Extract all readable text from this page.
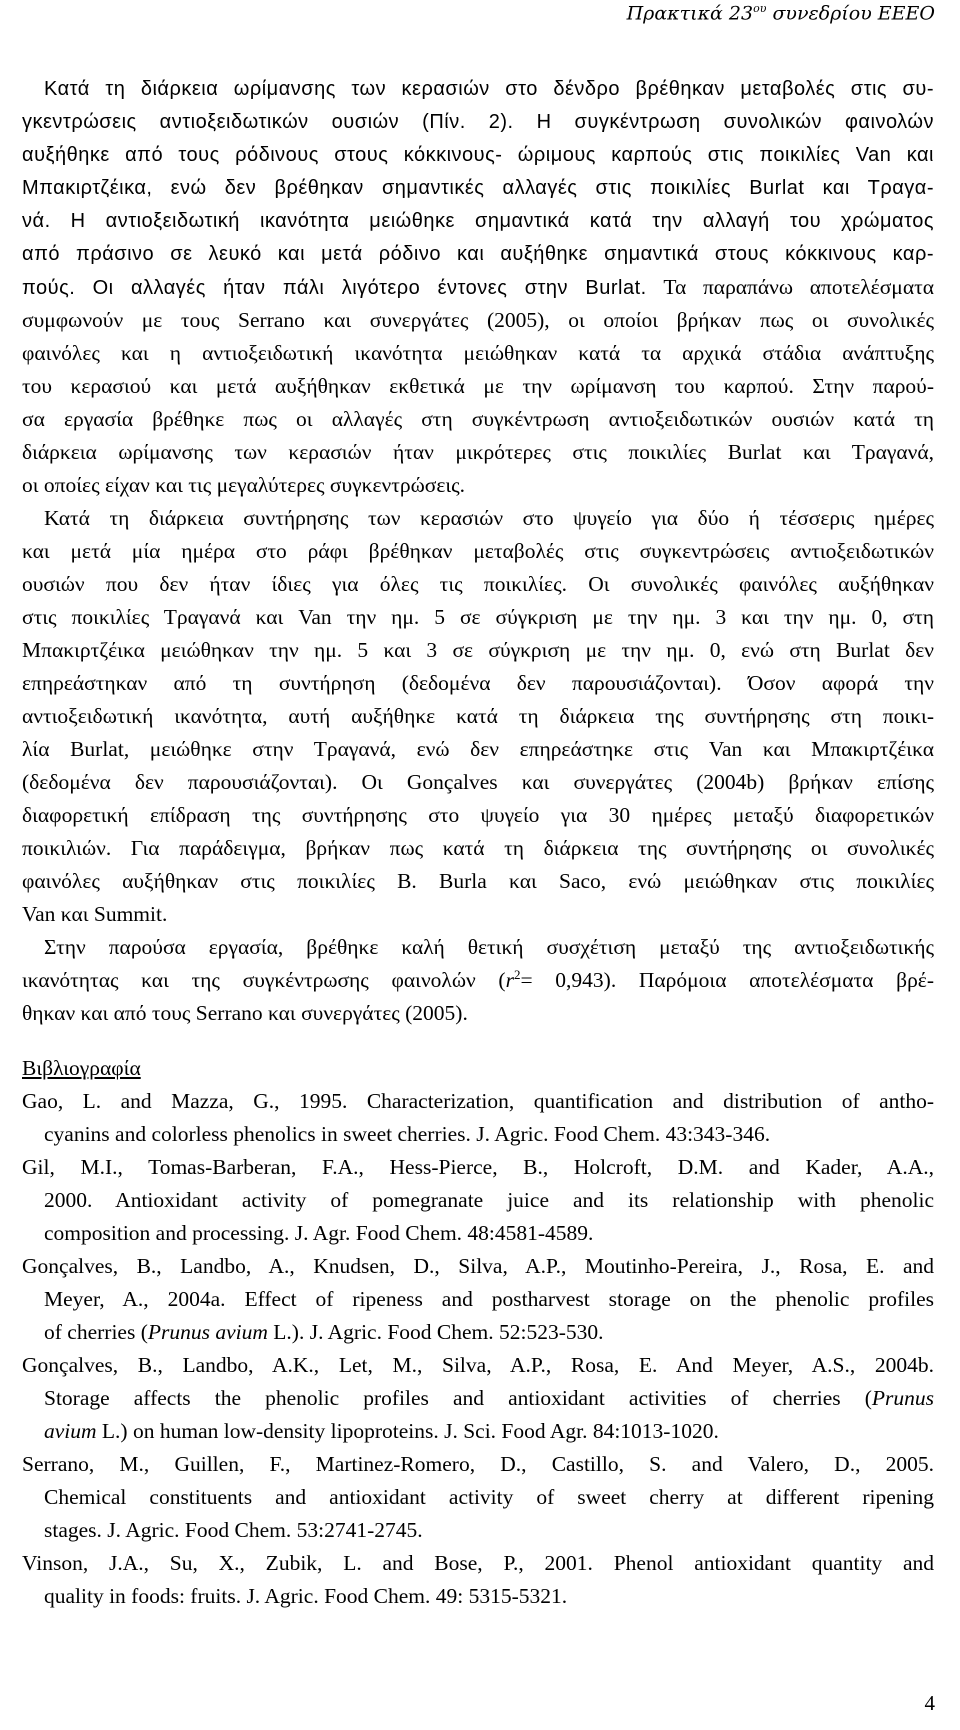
Πρακτικά $23^{o\upsilon}$ συνεδρίου ΕΕΕΟ
Κατά τη διάρκεια ωρίμανσης των κερασιών στο δένδρο βρέθηκαν μεταβολές στις συ-
γκεντρώσεις αντιοξειδωτικών ουσιών (Πίν. 2). Η συγκέντρωση συνολικών φαινολών
αυξήθηκε από τους ρόδινους στους κόκκινους- ώριμους καρπούς στις ποικιλίες Van και
Μπακιρτζέικα, ενώ δεν βρέθηκαν σημαντικές αλλαγές στις ποικιλίες Burlat και Τραγα-
νά. Η αντιοξειδωτική ικανότητα μειώθηκε σημαντικά κατά την αλλαγή του χρώματος
από πράσινο σε λευκό και μετά ρόδινο και αυξήθηκε σημαντικά στους κόκκινους καρ-
πούς. Οι αλλαγές ήταν πάλι λιγότερο έντονες στην Burlat. Τα παραπάνω αποτελέσματα
συμφωνούν με τους Serrano και συνεργάτες (2005), οι οποίοι βρήκαν πως οι συνολικές
φαινόλες και η αντιοξειδωτική ικανότητα μειώθηκαν κατά τα αρχικά στάδια ανάπτυξης
του κερασιού και μετά αυξήθηκαν εκθετικά με την ωρίμανση του καρπού. Στην παρού-
σα εργασία βρέθηκε πως οι αλλαγές στη συγκέντρωση αντιοξειδωτικών ουσιών κατά τη
διάρκεια ωρίμανσης των κερασιών ήταν μικρότερες στις ποικιλίες Burlat και Τραγανά,
οι οποίες είχαν και τις μεγαλύτερες συγκεντρώσεις.
Κατά τη διάρκεια συντήρησης των κερασιών στο ψυγείο για δύο ή τέσσερις ημέρες
και μετά μία ημέρα στο ράφι βρέθηκαν μεταβολές στις συγκεντρώσεις αντιοξειδωτικών
ουσιών που δεν ήταν ίδιες για όλες τις ποικιλίες. Οι συνολικές φαινόλες αυξήθηκαν
στις ποικιλίες Τραγανά και Van την ημ. 5 σε σύγκριση με την ημ. 3 και την ημ. 0, στη
Μπακιρτζέικα μειώθηκαν την ημ. 5 και 3 σε σύγκριση με την ημ. 0, ενώ στη Burlat δεν
επηρεάστηκαν από τη συντήρηση (δεδομένα δεν παρουσιάζονται). Όσον αφορά την
αντιοξειδωτική ικανότητα, αυτή αυξήθηκε κατά τη διάρκεια της συντήρησης στη ποικι-
λία Burlat, μειώθηκε στην Τραγανά, ενώ δεν επηρεάστηκε στις Van και Μπακιρτζέικα
(δεδομένα δεν παρουσιάζονται). Οι Gonçalves και συνεργάτες (2004b) βρήκαν επίσης
διαφορετική επίδραση της συντήρησης στο ψυγείο για 30 ημέρες μεταξύ διαφορετικών
ποικιλιών. Για παράδειγμα, βρήκαν πως κατά τη διάρκεια της συντήρησης οι συνολικές
φαινόλες αυξήθηκαν στις ποικιλίες B. Burla και Saco, ενώ μειώθηκαν στις ποικιλίες
Van και Summit.
Στην παρούσα εργασία, βρέθηκε καλή θετική συσχέτιση μεταξύ της αντιοξειδωτικής
ικανότητας και της συγκέντρωσης φαινολών $(r^2= 0,943)$. Παρόμοια αποτελέσματα βρέ-
θηκαν και από τους Serrano και συνεργάτες (2005).
Βιβλιογραφία
Gao, L. and Mazza, G., 1995. Characterization, quantification and distribution of antho-
cyanins and colorless phenolics in sweet cherries. J. Agric. Food Chem. 43:343-346.
Gil, M.I., Tomas-Barberan, F.A., Hess-Pierce, B., Holcroft, D.M. and Kader, A.A.,
2000. Antioxidant activity of pomegranate juice and its relationship with phenolic
composition and processing. J. Agr. Food Chem. 48:4581-4589.
Gonçalves, B., Landbo, A., Knudsen, D., Silva, A.P., Moutinho-Pereira, J., Rosa, E. and
Meyer, A., 2004a. Effect of ripeness and postharvest storage on the phenolic profiles
of cherries (Prunus avium L.). J. Agric. Food Chem. 52:523-530.
Gonçalves, B., Landbo, A.K., Let, M., Silva, A.P., Rosa, E. And Meyer, A.S., 2004b.
Storage affects the phenolic profiles and antioxidant activities of cherries (Prunus
avium L.) on human low-density lipoproteins. J. Sci. Food Agr. 84:1013-1020.
Serrano, M., Guillen, F., Martinez-Romero, D., Castillo, S. and Valero, D., 2005.
Chemical constituents and antioxidant activity of sweet cherry at different ripening
stages. J. Agric. Food Chem. 53:2741-2745.
Vinson, J.A., Su, X., Zubik, L. and Bose, P., 2001. Phenol antioxidant quantity and
quality in foods: fruits. J. Agric. Food Chem. 49: 5315-5321.
4
